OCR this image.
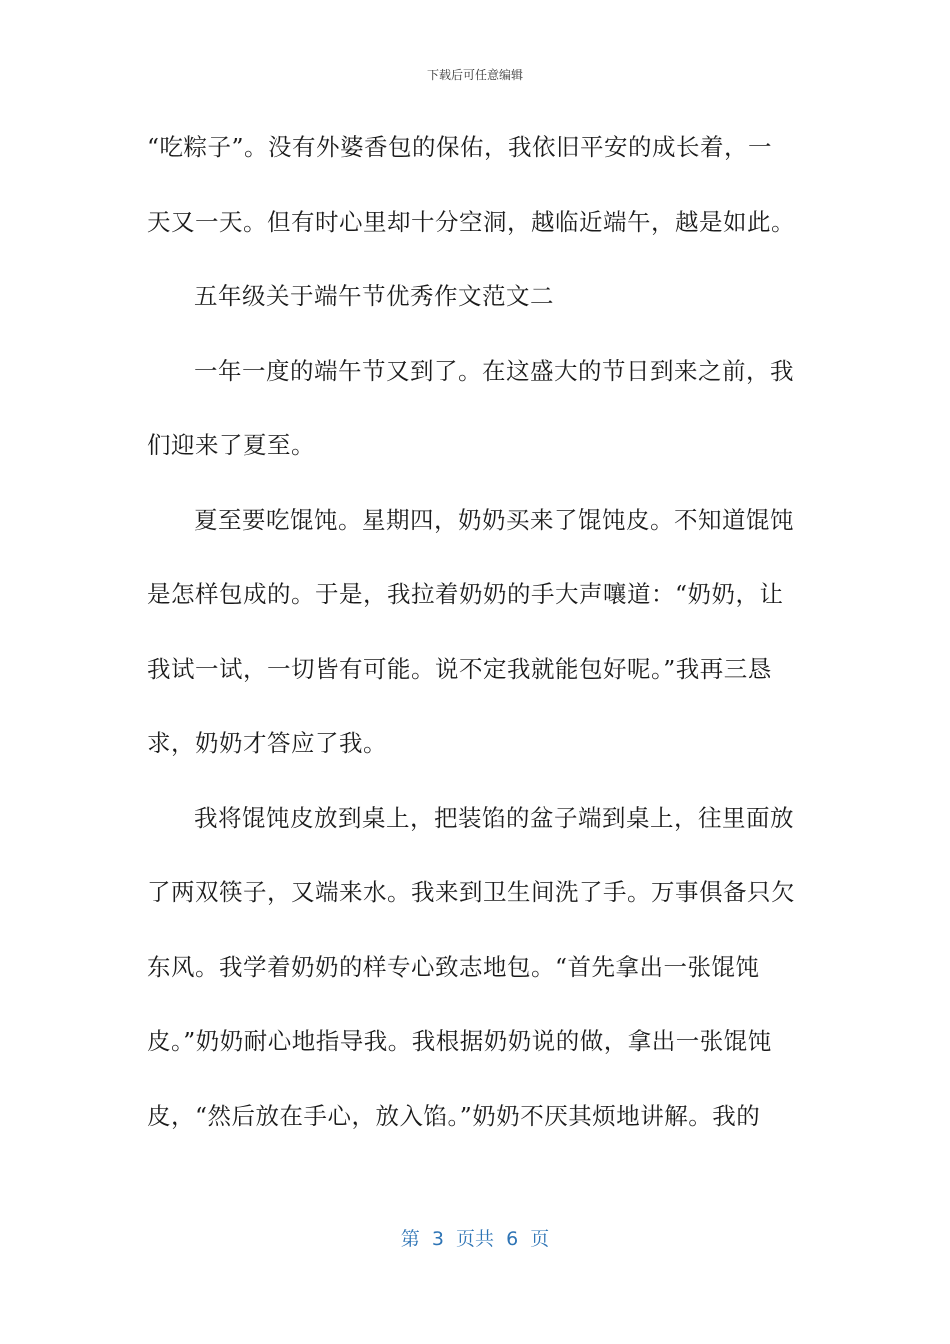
下载后可任意编辑
“吃粽子”。没有外婆香包的保佑，我依旧平安的成长着，一
天又一天。但有时心里却十分空洞，越临近端午，越是如此。
五年级关于端午节优秀作文范文二
一年一度的端午节又到了。在这盛大的节日到来之前，我
们迎来了夏至。
夏至要吃馄饨。星期四，奶奶买来了馄饨皮。不知道馄饨
是怎样包成的。于是，我拉着奶奶的手大声嚷道：“奶奶，让
我试一试，一切皆有可能。说不定我就能包好呢。”我再三恳
求，奶奶才答应了我。
我将馄饨皮放到桌上，把装馅的盆子端到桌上，往里面放
了两双筷子，又端来水。我来到卫生间洗了手。万事俱备只欠
东风。我学着奶奶的样专心致志地包。“首先拿出一张馄饨
皮。”奶奶耐心地指导我。我根据奶奶说的做，拿出一张馄饨
皮，“然后放在手心，放入馅。”奶奶不厌其烦地讲解。我的
第  3  页共  6  页
